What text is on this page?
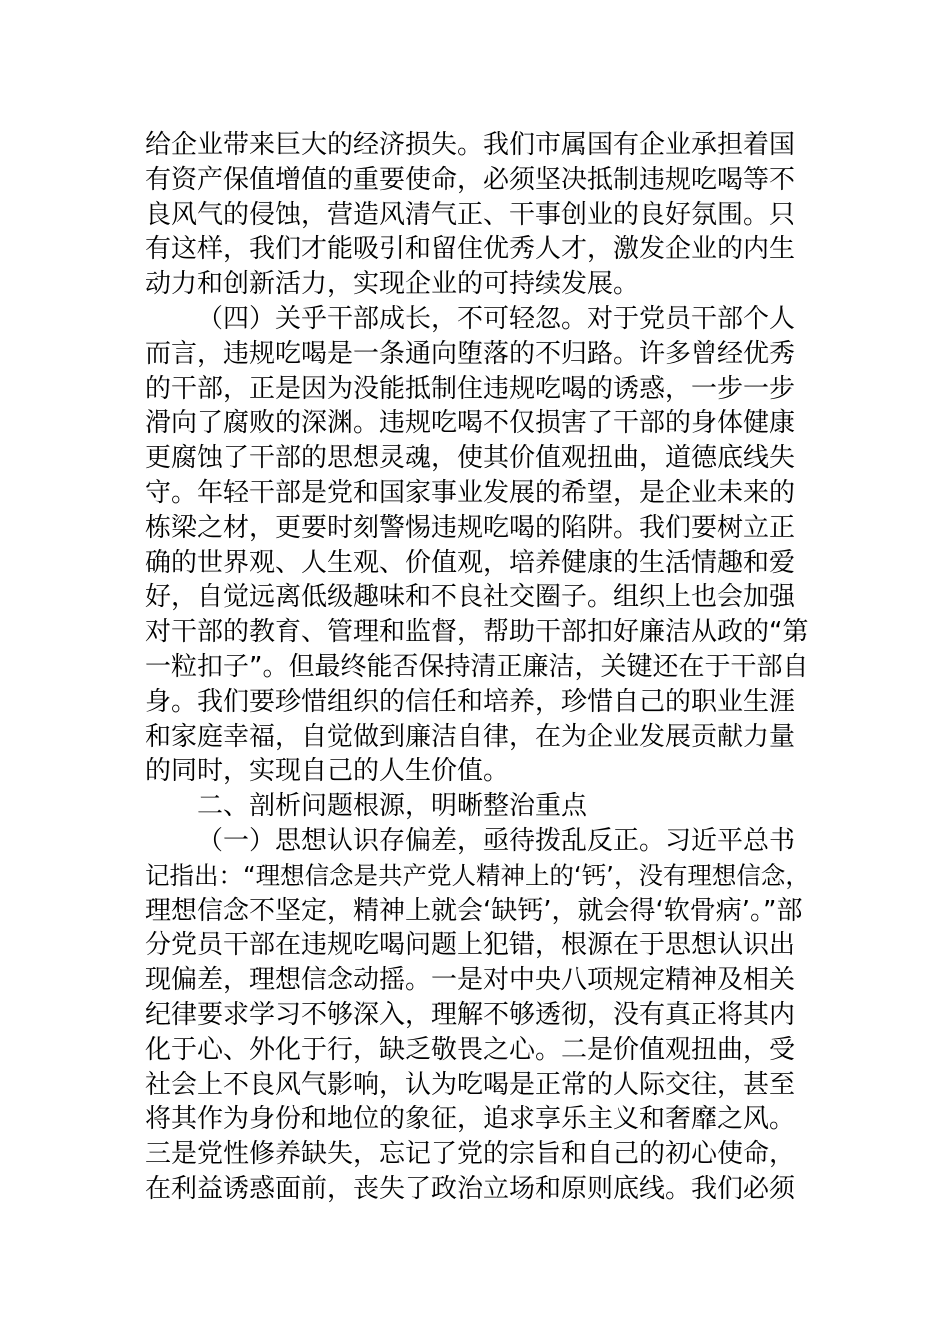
给企业带来巨大的经济损失。我们市属国有企业承担着国
有资产保值增值的重要使命，必须坚决抵制违规吃喝等不
良风气的侵蚀，营造风清气正、干事创业的良好氛围。只
有这样，我们才能吸引和留住优秀人才，激发企业的内生
动力和创新活力，实现企业的可持续发展。
（四）关乎干部成长，不可轻忽。对于党员干部个人
而言，违规吃喝是一条通向堕落的不归路。许多曾经优秀
的干部，正是因为没能抵制住违规吃喝的诱惑，一步一步
滑向了腐败的深渊。违规吃喝不仅损害了干部的身体健康
更腐蚀了干部的思想灵魂，使其价值观扭曲，道德底线失
守。年轻干部是党和国家事业发展的希望，是企业未来的
栋梁之材，更要时刻警惕违规吃喝的陷阱。我们要树立正
确的世界观、人生观、价值观，培养健康的生活情趣和爱
好，自觉远离低级趣味和不良社交圈子。组织上也会加强
对干部的教育、管理和监督，帮助干部扣好廉洁从政的“第
一粒扣子”。但最终能否保持清正廉洁，关键还在于干部自
身。我们要珍惜组织的信任和培养，珍惜自己的职业生涯
和家庭幸福，自觉做到廉洁自律，在为企业发展贡献力量
的同时，实现自己的人生价值。
二、剖析问题根源，明晰整治重点
（一）思想认识存偏差，亟待拨乱反正。习近平总书
记指出：“理想信念是共产党人精神上的‘钙’，没有理想信念，
理想信念不坚定，精神上就会‘缺钙’，就会得‘软骨病’。”部
分党员干部在违规吃喝问题上犯错，根源在于思想认识出
现偏差，理想信念动摇。一是对中央八项规定精神及相关
纪律要求学习不够深入，理解不够透彻，没有真正将其内
化于心、外化于行，缺乏敬畏之心。二是价值观扭曲，受
社会上不良风气影响，认为吃喝是正常的人际交往，甚至
将其作为身份和地位的象征，追求享乐主义和奢靡之风。
三是党性修养缺失，忘记了党的宗旨和自己的初心使命，
在利益诱惑面前，丧失了政治立场和原则底线。我们必须
